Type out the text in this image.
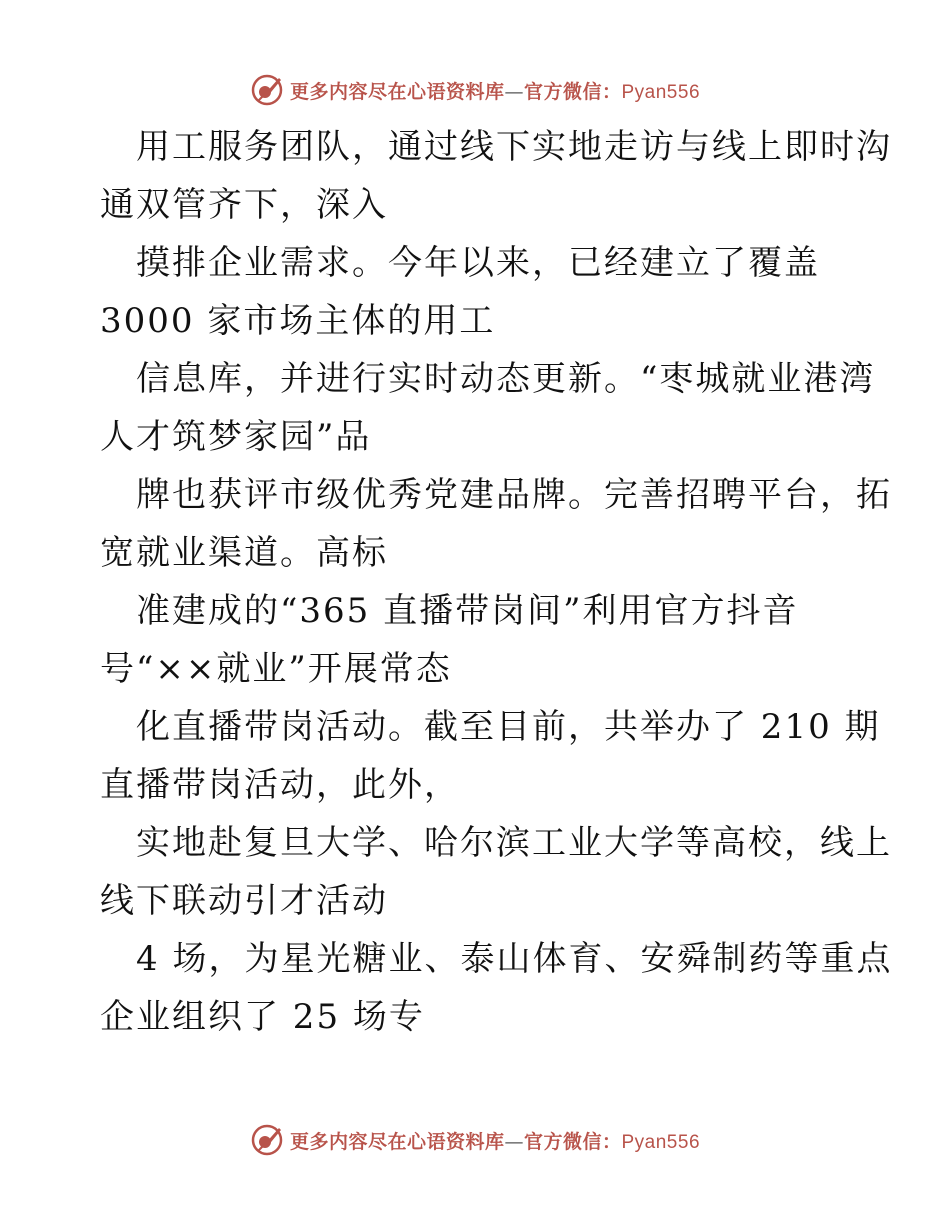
更多内容尽在心语资料库—官方微信：Pyan556

用工服务团队，通过线下实地走访与线上即时沟
通双管齐下，深入

摸排企业需求。今年以来，已经建立了覆盖
3000 家市场主体的用工

信息库，并进行实时动态更新。“枣城就业港湾
人才筑梦家园”品

牌也获评市级优秀党建品牌。完善招聘平台，拓
宽就业渠道。高标

准建成的“365 直播带岗间”利用官方抖音
号“××就业”开展常态

化直播带岗活动。截至目前，共举办了 210 期
直播带岗活动，此外，

实地赴复旦大学、哈尔滨工业大学等高校，线上
线下联动引才活动

4 场，为星光糖业、泰山体育、安舜制药等重点
企业组织了 25 场专

更多内容尽在心语资料库—官方微信：Pyan556
